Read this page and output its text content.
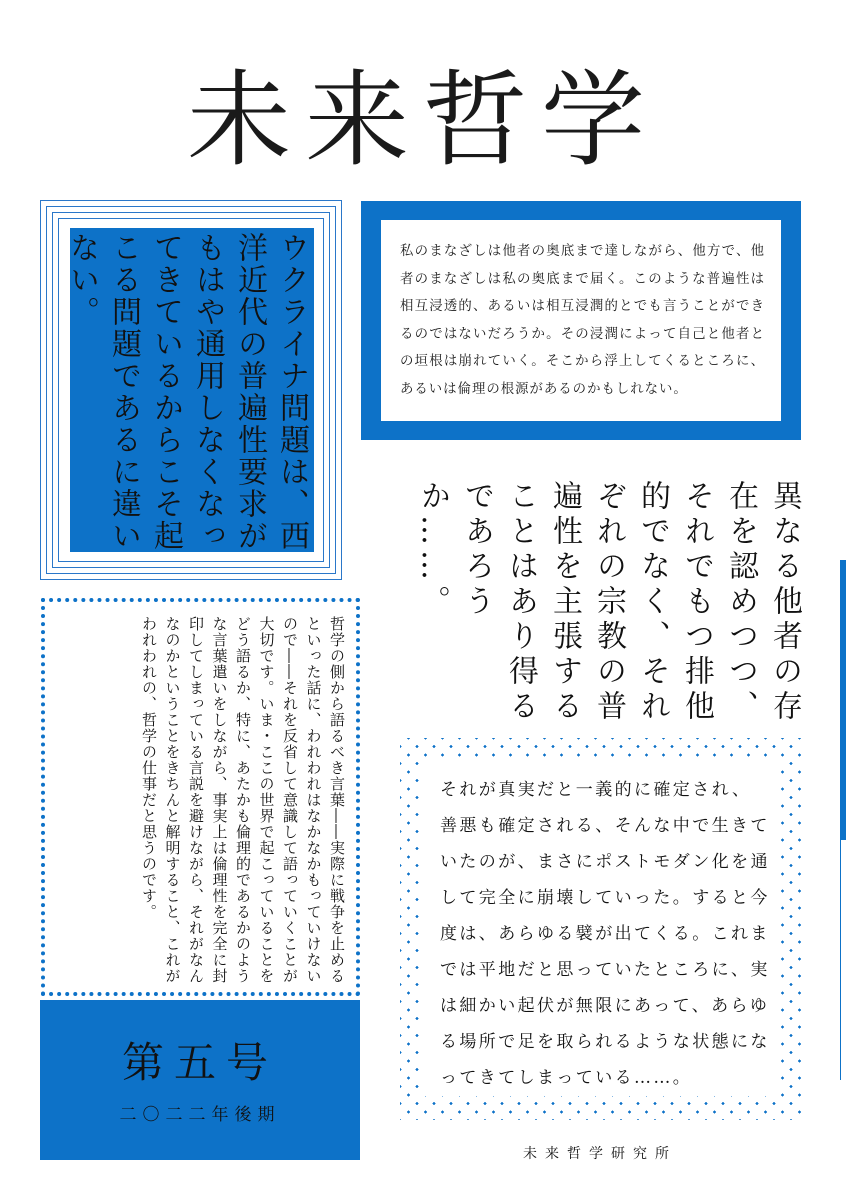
未来哲学
ウクライナ問題は、西洋近代の普遍性要求がもはや通用しなくなってきているからこそ起こる問題であるに違いない。	私のまなざしは他者の奥底まで達しながら、他方で、他者のまなざしは私の奥底まで届く。このような普遍性は相互浸透的、あるいは相互浸潤的とでも言うことができるのではないだろうか。その浸潤によって自己と他者との垣根は崩れていく。そこから浮上してくるところに、あるいは倫理の根源があるのかもしれない。
異なる他者の存在を認めつつ、それでもつ排他的でなく、それぞれの宗教の普遍性を主張することはあり得るであろうか……。
哲学の側から語るべき言葉――実際に戦争を止めるといった話に、われわれはなかなかもっていけないので――それを反省して意識して語っていくことが大切です。いま・ここの世界で起こっていることをどう語るか、特に、あたかも倫理的であるかのような言葉遣いをしながら、事実上は倫理性を完全に封印してしまっている言説を避けながら、それがなんなのかということをきちんと解明すること、これがわれわれの、哲学の仕事だと思うのです。
第五号
二〇二二年後期
それが真実だと一義的に確定され、善悪も確定される、そんな中で生きていたのが、まさにポストモダン化を通して完全に崩壊していった。すると今度は、あらゆる襞が出てくる。これまでは平地だと思っていたところに、実は細かい起伏が無限にあって、あらゆる場所で足を取られるような状態になってきてしまっている……。
未来哲学研究所
